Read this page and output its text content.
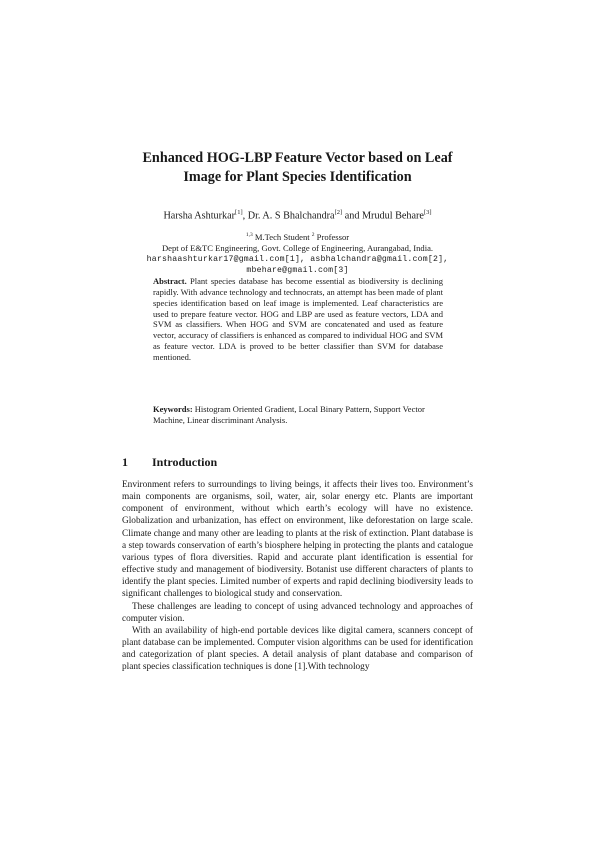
Enhanced HOG-LBP Feature Vector based on Leaf
Image for Plant Species Identification
Harsha Ashturkar[1], Dr. A. S Bhalchandra[2] and Mrudul Behare[3]
$^{1,3}$ M.Tech Student $^2$ Professor
Dept of E&TC Engineering, Govt. College of Engineering, Aurangabad, India.
harshaashturkar17@gmail.com[1], asbhalchandra@gmail.com[2],
mbehare@gmail.com[3]
Abstract. Plant species database has become essential as biodiversity is declining rapidly. With advance technology and technocrats, an attempt has been made of plant species identification based on leaf image is implemented. Leaf characteristics are used to prepare feature vector. HOG and LBP are used as feature vectors, LDA and SVM as classifiers. When HOG and SVM are concatenated and used as feature vector, accuracy of classifiers is enhanced as compared to individual HOG and SVM as feature vector. LDA is proved to be better classifier than SVM for database mentioned.
Keywords: Histogram Oriented Gradient, Local Binary Pattern, Support Vector Machine, Linear discriminant Analysis.
1 Introduction

Environment refers to surroundings to living beings, it affects their lives too. Environment’s main components are organisms, soil, water, air, solar energy etc. Plants are important component of environment, without which earth’s ecology will have no existence. Globalization and urbanization, has effect on environment, like deforestation on large scale. Climate change and many other are leading to plants at the risk of extinction. Plant database is a step towards conservation of earth’s biosphere helping in protecting the plants and catalogue various types of flora diversities. Rapid and accurate plant identification is essential for effective study and management of biodiversity. Botanist use different characters of plants to identify the plant species. Limited number of experts and rapid declining biodiversity leads to significant challenges to biological study and conservation.

These challenges are leading to concept of using advanced technology and approaches of computer vision.

With an availability of high-end portable devices like digital camera, scanners concept of plant database can be implemented. Computer vision algorithms can be used for identification and categorization of plant species. A detail analysis of plant database and comparison of plant species classification techniques is done [1].With technology
